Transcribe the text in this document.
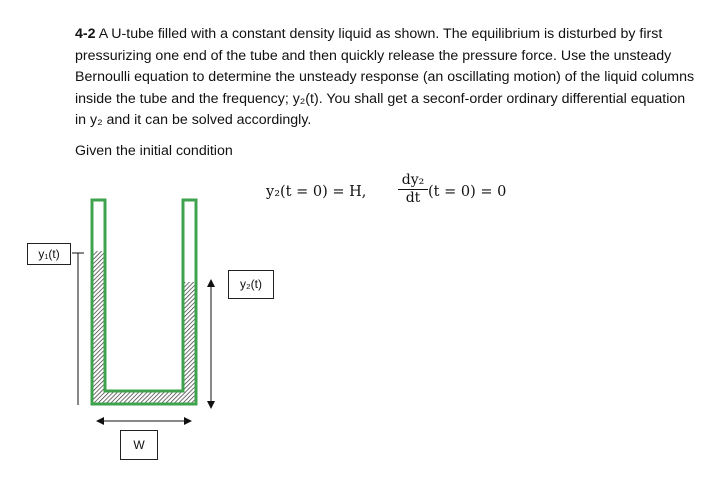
4-2 A U-tube filled with a constant density liquid as shown. The equilibrium is disturbed by first pressurizing one end of the tube and then quickly release the pressure force. Use the unsteady Bernoulli equation to determine the unsteady response (an oscillating motion) of the liquid columns inside the tube and the frequency; y₂(t). You shall get a seconf-order ordinary differential equation in y₂ and it can be solved accordingly.

Given the initial condition
y₂(t = 0) = H, $\frac{\text{dy₂}}{dt} (t = 0) = 0$
y₁(t)
y₂(t)
W
